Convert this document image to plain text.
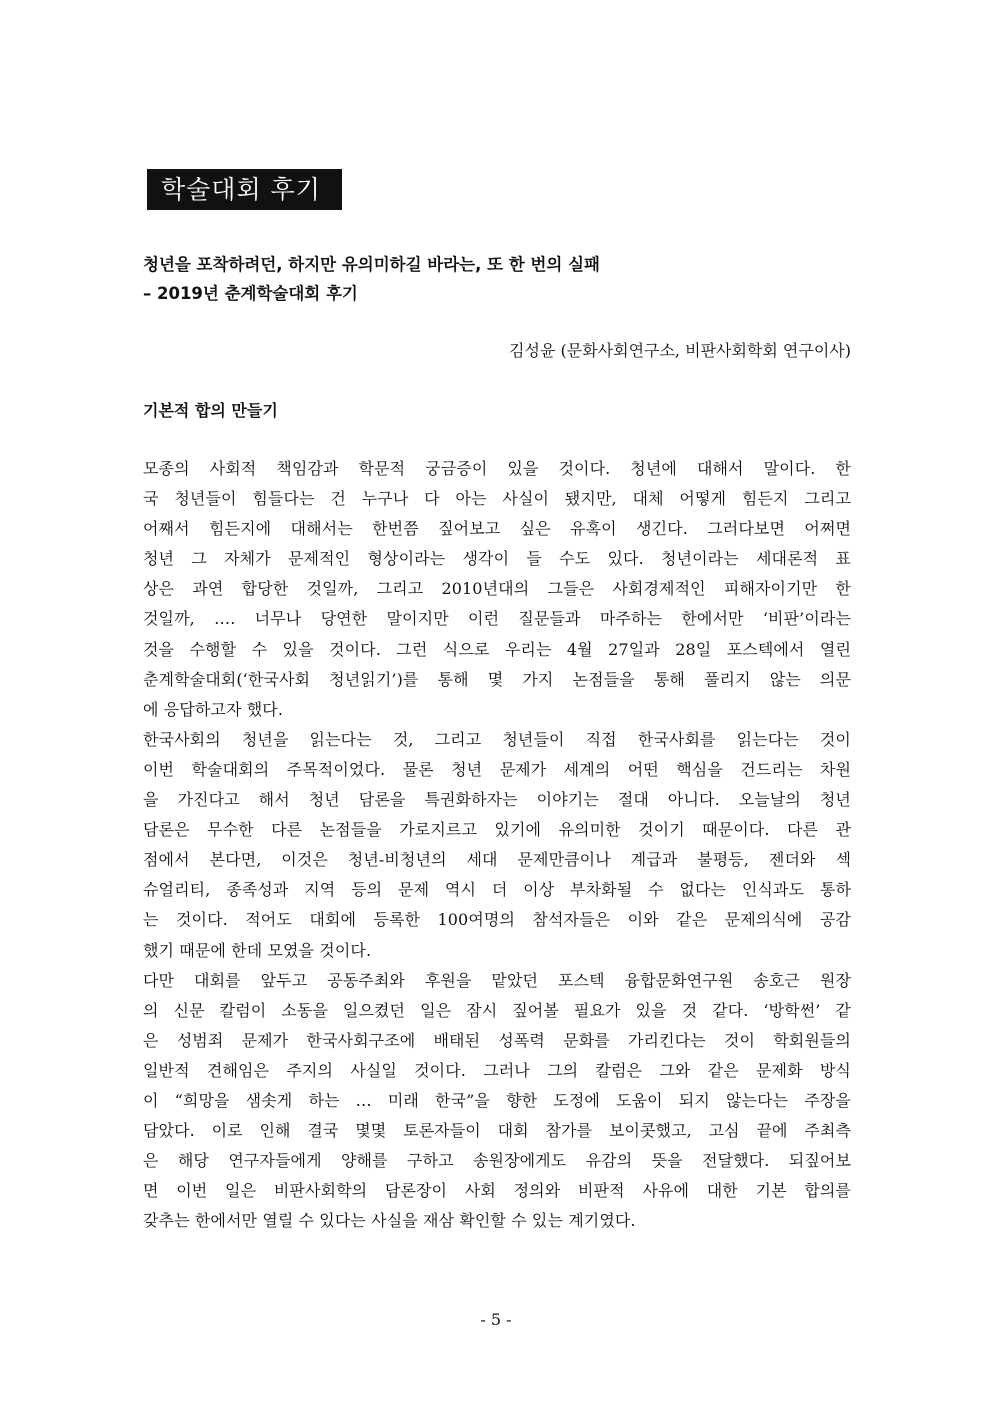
학술대회 후기
청년을 포착하려던, 하지만 유의미하길 바라는, 또 한 번의 실패
– 2019년 춘계학술대회 후기
김성윤 (문화사회연구소, 비판사회학회 연구이사)
기본적 합의 만들기
모종의 사회적 책임감과 학문적 궁금증이 있을 것이다. 청년에 대해서 말이다. 한
국 청년들이 힘들다는 건 누구나 다 아는 사실이 됐지만, 대체 어떻게 힘든지 그리고
어째서 힘든지에 대해서는 한번쯤 짚어보고 싶은 유혹이 생긴다. 그러다보면 어쩌면
청년 그 자체가 문제적인 형상이라는 생각이 들 수도 있다. 청년이라는 세대론적 표
상은 과연 합당한 것일까, 그리고 2010년대의 그들은 사회경제적인 피해자이기만 한
것일까, …. 너무나 당연한 말이지만 이런 질문들과 마주하는 한에서만 ‘비판’이라는
것을 수행할 수 있을 것이다. 그런 식으로 우리는 4월 27일과 28일 포스텍에서 열린
춘계학술대회(‘한국사회 청년읽기’)를 통해 몇 가지 논점들을 통해 풀리지 않는 의문
에 응답하고자 했다.
한국사회의 청년을 읽는다는 것, 그리고 청년들이 직접 한국사회를 읽는다는 것이
이번 학술대회의 주목적이었다. 물론 청년 문제가 세계의 어떤 핵심을 건드리는 차원
을 가진다고 해서 청년 담론을 특권화하자는 이야기는 절대 아니다. 오늘날의 청년
담론은 무수한 다른 논점들을 가로지르고 있기에 유의미한 것이기 때문이다. 다른 관
점에서 본다면, 이것은 청년-비청년의 세대 문제만큼이나 계급과 불평등, 젠더와 섹
슈얼리티, 종족성과 지역 등의 문제 역시 더 이상 부차화될 수 없다는 인식과도 통하
는 것이다. 적어도 대회에 등록한 100여명의 참석자들은 이와 같은 문제의식에 공감
했기 때문에 한데 모였을 것이다.
다만 대회를 앞두고 공동주최와 후원을 맡았던 포스텍 융합문화연구원 송호근 원장
의 신문 칼럼이 소동을 일으켰던 일은 잠시 짚어볼 필요가 있을 것 같다. ‘방학썬’ 같
은 성범죄 문제가 한국사회구조에 배태된 성폭력 문화를 가리킨다는 것이 학회원들의
일반적 견해임은 주지의 사실일 것이다. 그러나 그의 칼럼은 그와 같은 문제화 방식
이 “희망을 샘솟게 하는 … 미래 한국”을 향한 도정에 도움이 되지 않는다는 주장을
담았다. 이로 인해 결국 몇몇 토론자들이 대회 참가를 보이콧했고, 고심 끝에 주최측
은 해당 연구자들에게 양해를 구하고 송원장에게도 유감의 뜻을 전달했다. 되짚어보
면 이번 일은 비판사회학의 담론장이 사회 정의와 비판적 사유에 대한 기본 합의를
갖추는 한에서만 열릴 수 있다는 사실을 재삼 확인할 수 있는 계기였다.
- 5 -
